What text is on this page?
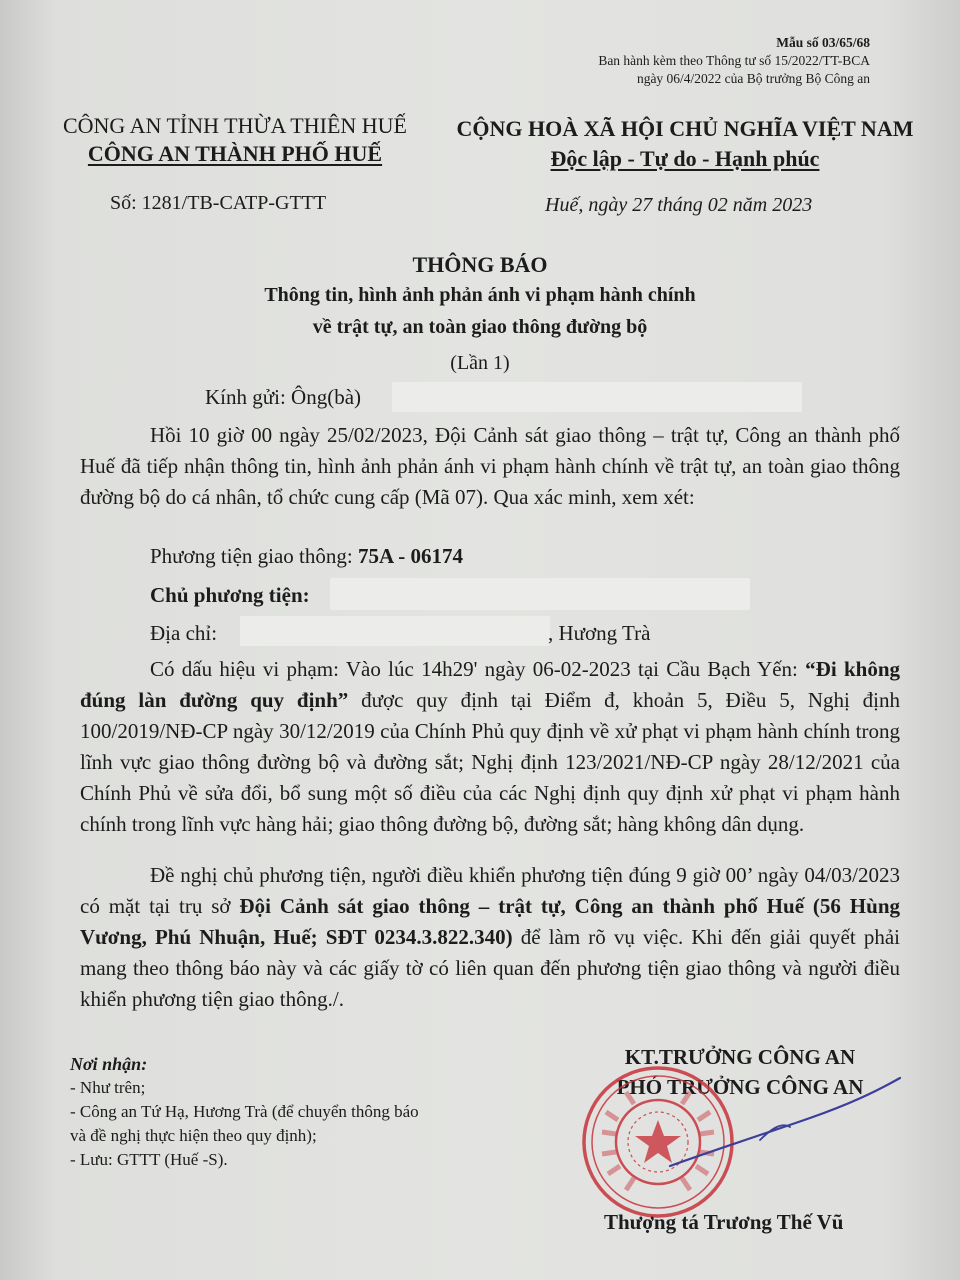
Mẫu số 03/65/68
Ban hành kèm theo Thông tư số 15/2022/TT-BCA
ngày 06/4/2022 của Bộ trưởng Bộ Công an
CÔNG AN TỈNH THỪA THIÊN HUẾ
CÔNG AN THÀNH PHỐ HUẾ
CỘNG HOÀ XÃ HỘI CHỦ NGHĨA VIỆT NAM
Độc lập - Tự do - Hạnh phúc
Số: 1281/TB-CATP-GTTT	Huế, ngày 27 tháng 02 năm 2023
THÔNG BÁO
Thông tin, hình ảnh phản ánh vi phạm hành chính
về trật tự, an toàn giao thông đường bộ
(Lần 1)
Kính gửi: Ông(bà)

Hồi 10 giờ 00 ngày 25/02/2023, Đội Cảnh sát giao thông – trật tự, Công an thành phố Huế đã tiếp nhận thông tin, hình ảnh phản ánh vi phạm hành chính về trật tự, an toàn giao thông đường bộ do cá nhân, tổ chức cung cấp (Mã 07). Qua xác minh, xem xét:

Phương tiện giao thông: 75A - 06174
Chủ phương tiện:
Địa chỉ:	, Hương Trà

Có dấu hiệu vi phạm: Vào lúc 14h29' ngày 06-02-2023 tại Cầu Bạch Yến: “Đi không đúng làn đường quy định” được quy định tại Điểm đ, khoản 5, Điều 5, Nghị định 100/2019/NĐ-CP ngày 30/12/2019 của Chính Phủ quy định về xử phạt vi phạm hành chính trong lĩnh vực giao thông đường bộ và đường sắt; Nghị định 123/2021/NĐ-CP ngày 28/12/2021 của Chính Phủ về sửa đổi, bổ sung một số điều của các Nghị định quy định xử phạt vi phạm hành chính trong lĩnh vực hàng hải; giao thông đường bộ, đường sắt; hàng không dân dụng.

Đề nghị chủ phương tiện, người điều khiển phương tiện đúng 9 giờ 00’ ngày 04/03/2023 có mặt tại trụ sở Đội Cảnh sát giao thông – trật tự, Công an thành phố Huế (56 Hùng Vương, Phú Nhuận, Huế; SĐT 0234.3.822.340) để làm rõ vụ việc. Khi đến giải quyết phải mang theo thông báo này và các giấy tờ có liên quan đến phương tiện giao thông và người điều khiển phương tiện giao thông./.

Nơi nhận:
- Như trên;
- Công an Tứ Hạ, Hương Trà (để chuyển thông báo
và đề nghị thực hiện theo quy định);
- Lưu: GTTT (Huế -S).
KT.TRƯỞNG CÔNG AN
PHÓ TRƯỞNG CÔNG AN
Thượng tá Trương Thế Vũ
